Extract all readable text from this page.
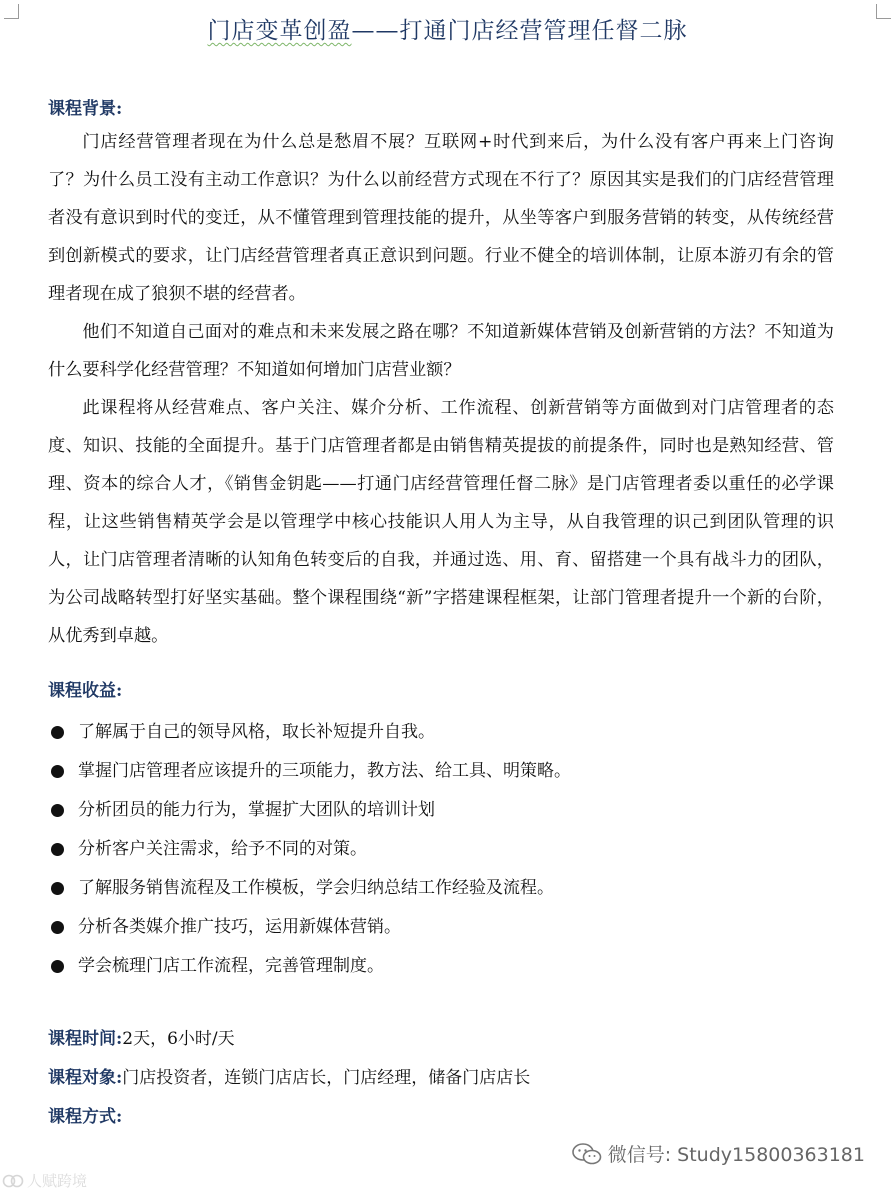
门店变革创盈——打通门店经营管理任督二脉
课程背景:

门店经营管理者现在为什么总是愁眉不展？互联网+时代到来后，为什么没有客户再来上门咨询了？为什么员工没有主动工作意识？为什么以前经营方式现在不行了？原因其实是我们的门店经营管理者没有意识到时代的变迁，从不懂管理到管理技能的提升，从坐等客户到服务营销的转变，从传统经营到创新模式的要求，让门店经营管理者真正意识到问题。行业不健全的培训体制，让原本游刃有余的管理者现在成了狼狈不堪的经营者。

他们不知道自己面对的难点和未来发展之路在哪？不知道新媒体营销及创新营销的方法？不知道为什么要科学化经营管理？不知道如何增加门店营业额？

此课程将从经营难点、客户关注、媒介分析、工作流程、创新营销等方面做到对门店管理者的态度、知识、技能的全面提升。基于门店管理者都是由销售精英提拔的前提条件，同时也是熟知经营、管理、资本的综合人才，《销售金钥匙——打通门店经营管理任督二脉》是门店管理者委以重任的必学课程，让这些销售精英学会是以管理学中核心技能识人用人为主导，从自我管理的识己到团队管理的识人，让门店管理者清晰的认知角色转变后的自我，并通过选、用、育、留搭建一个具有战斗力的团队，为公司战略转型打好坚实基础。整个课程围绕“新”字搭建课程框架，让部门管理者提升一个新的台阶，从优秀到卓越。

课程收益:
了解属于自己的领导风格，取长补短提升自我。
掌握门店管理者应该提升的三项能力，教方法、给工具、明策略。
分析团员的能力行为，掌握扩大团队的培训计划
分析客户关注需求，给予不同的对策。
了解服务销售流程及工作模板，学会归纳总结工作经验及流程。
分析各类媒介推广技巧，运用新媒体营销。
学会梳理门店工作流程，完善管理制度。
课程时间:2天，6小时/天
课程对象:门店投资者，连锁门店店长，门店经理，储备门店店长
课程方式:
微信号: Study15800363181
人赋跨境
